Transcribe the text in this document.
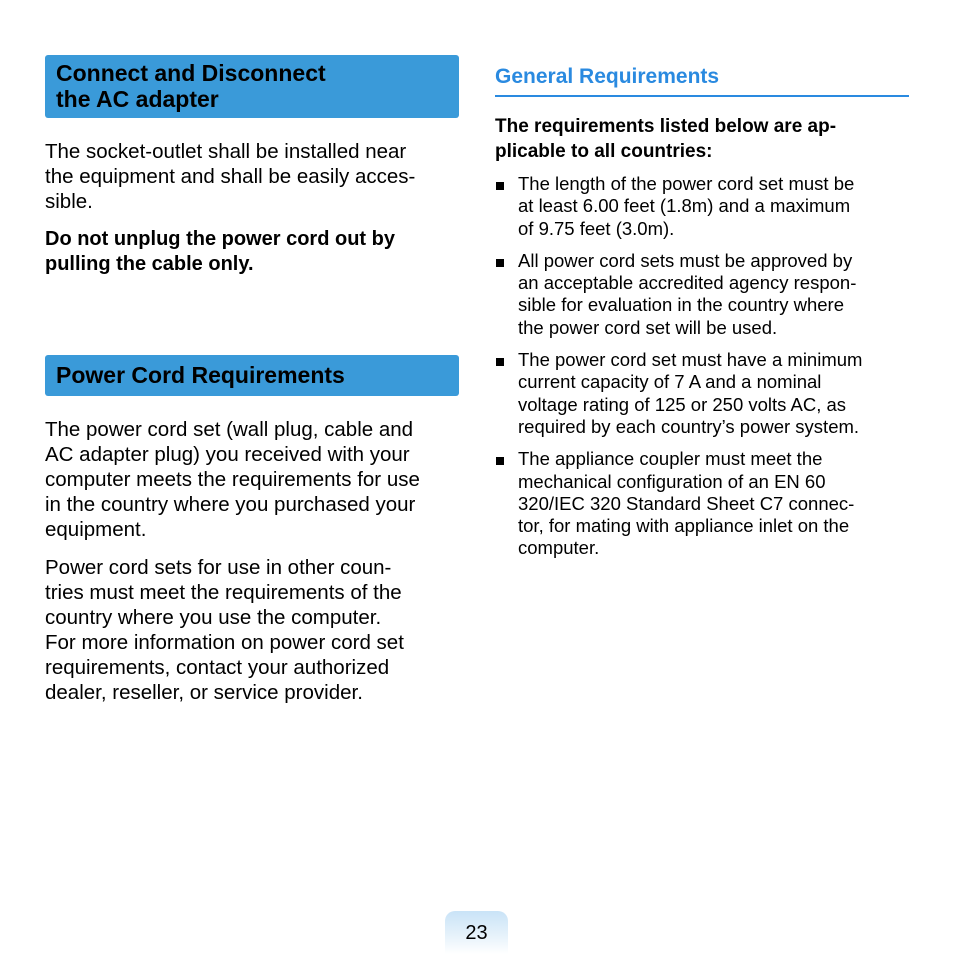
Connect and Disconnect
the AC adapter

The socket-outlet shall be installed near
the equipment and shall be easily acces-
sible.

Do not unplug the power cord out by
pulling the cable only.

Power Cord Requirements

The power cord set (wall plug, cable and
AC adapter plug) you received with your
computer meets the requirements for use
in the country where you purchased your
equipment.

Power cord sets for use in other coun-
tries must meet the requirements of the
country where you use the computer.
For more information on power cord set
requirements, contact your authorized
dealer, reseller, or service provider.

General Requirements
The requirements listed below are ap-
plicable to all countries:
The length of the power cord set must be
at least 6.00 feet (1.8m) and a maximum
of 9.75 feet (3.0m).
All power cord sets must be approved by
an acceptable accredited agency respon-
sible for evaluation in the country where
the power cord set will be used.
The power cord set must have a minimum
current capacity of 7 A and a nominal
voltage rating of 125 or 250 volts AC, as
required by each country’s power system.
The appliance coupler must meet the
mechanical configuration of an EN 60
320/IEC 320 Standard Sheet C7 connec-
tor, for mating with appliance inlet on the
computer.
23
